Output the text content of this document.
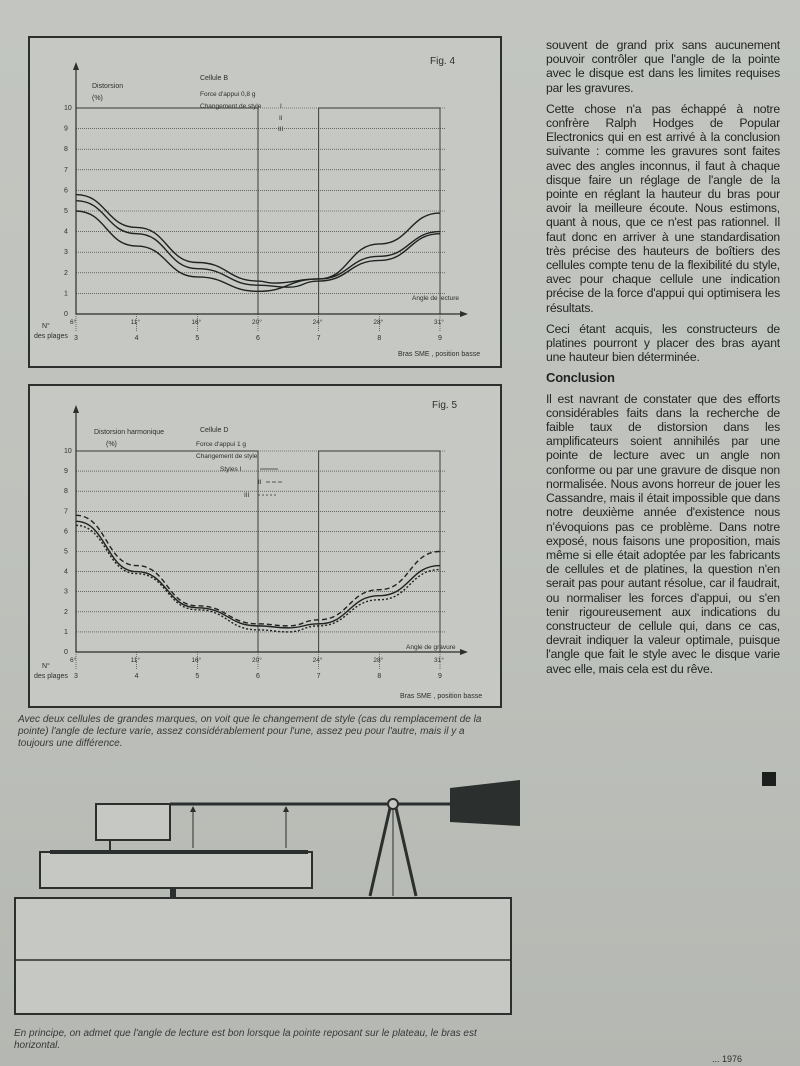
Fig. 4
Distorsion
(%)
Cellule B
Force d'appui 0,8 g
Changement de style	I
II
III
Angle de lecture
N°
des plages
Bras SME , position basse
6°
3
11°
4
16°
5
20°
6
24°
7
28°
8
31°
9
0
1
2
3
4
5
6
7
8
9
10
Fig. 5
Distorsion harmonique
(%)
Cellule D
Force d'appui 1 g
Changement de style
Styles I
II
III
Angle de gravure
N°
des plages
Bras SME , position basse
6°
3
11°
4
16°
5
20°
6
24°
7
28°
8
31°
9
0
1
2
3
4
5
6
7
8
9
10
Avec deux cellules de grandes marques, on voit que le changement de style (cas du remplacement de la pointe) l'angle de lecture varie, assez considérablement pour l'une, assez peu pour l'autre, mais il y a toujours une différence.
En principe, on admet que l'angle de lecture est bon lorsque la pointe reposant sur le plateau, le bras est horizontal.

souvent de grand prix sans aucunement pouvoir contrôler que l'angle de la pointe avec le disque est dans les limites requises par les gravures.

Cette chose n'a pas échappé à notre confrère Ralph Hodges de Popular Electronics qui en est arrivé à la conclusion suivante : comme les gravures sont faites avec des angles inconnus, il faut à chaque disque faire un réglage de l'angle de la pointe en réglant la hauteur du bras pour avoir la meilleure écoute. Nous estimons, quant à nous, que ce n'est pas rationnel. Il faut donc en arriver à une standardisation très précise des hauteurs de boîtiers des cellules compte tenu de la flexibilité du style, avec pour chaque cellule une indication précise de la force d'appui qui optimisera les résultats.

Ceci étant acquis, les constructeurs de platines pourront y placer des bras ayant une hauteur bien déterminée.

Conclusion

Il est navrant de constater que des efforts considérables faits dans la recherche de faible taux de distorsion dans les amplificateurs soient annihilés par une pointe de lecture avec un angle non conforme ou par une gravure de disque non normalisée. Nous avons horreur de jouer les Cassandre, mais il était impossible que dans notre deuxième année d'existence nous n'évoquions pas ce problème. Dans notre exposé, nous faisons une proposition, mais même si elle était adoptée par les fabricants de cellules et de platines, la question n'en serait pas pour autant résolue, car il faudrait, ou normaliser les forces d'appui, ou s'en tenir rigoureusement aux indications du constructeur de cellule qui, dans ce cas, devrait indiquer la valeur optimale, puisque l'angle que fait le style avec le disque varie avec elle, mais cela est du rêve.

... 1976
